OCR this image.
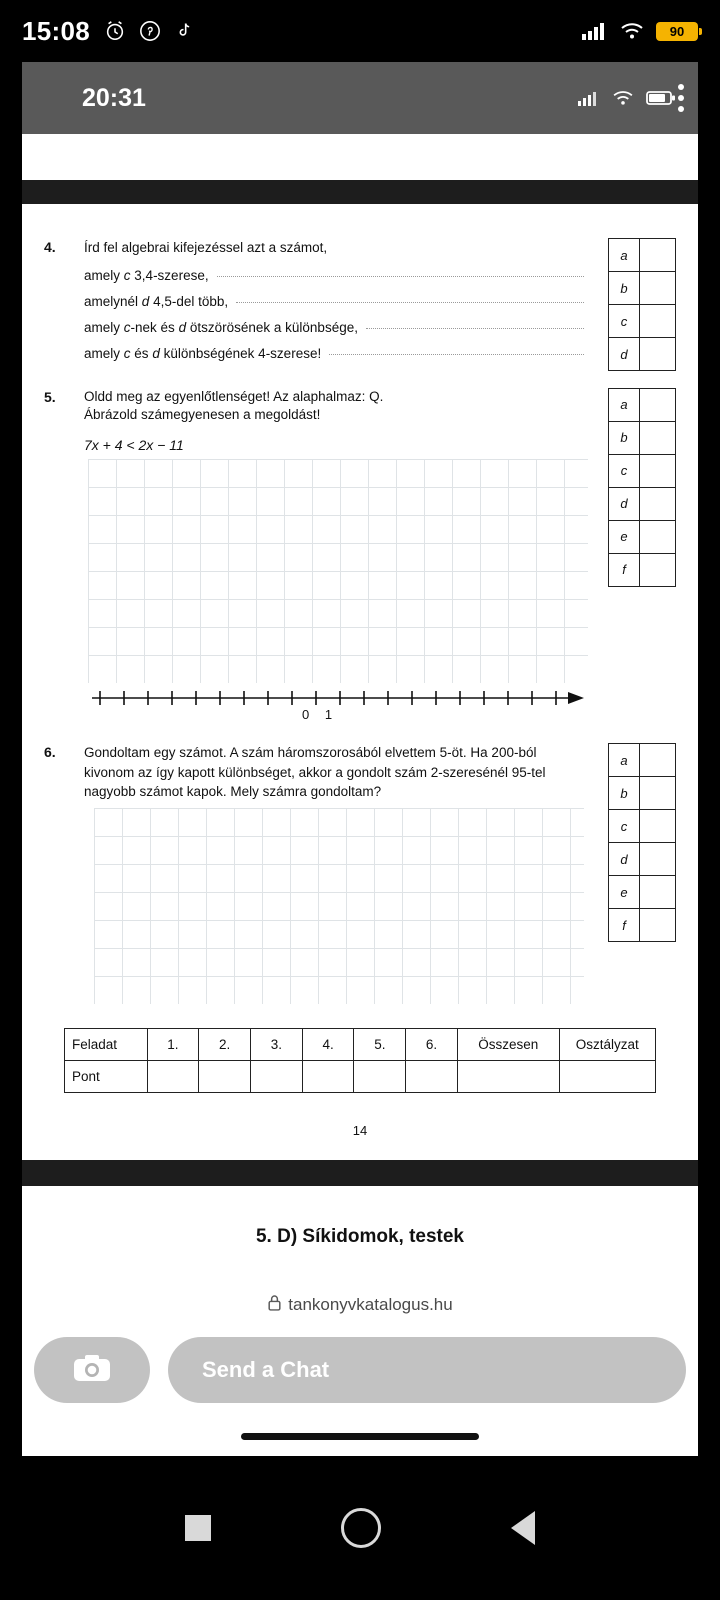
15:08	90
20:31
4.	Írd fel algebrai kifejezéssel azt a számot,
amely c 3,4-szerese,
amelynél d 4,5-del több,
amely c-nek és d ötszörösének a különbsége,
amely c és d különbségének 4-szerese!
a
b
c
d
5.	Oldd meg az egyenlőtlenséget! Az alaphalmaz: Q.
Ábrázold számegyenesen a megoldást!
7x + 4 < 2x − 11
a
b
c
d
e
f
0 1
6.	Gondoltam egy számot. A szám háromszorosából elvettem 5-öt. Ha 200-ból kivonom az így kapott különbséget, akkor a gondolt szám 2-szeresénél 95-tel nagyobb számot kapok. Mely számra gondoltam?
a
b
c
d
e
f
Feladat	1.	2.	3.	4.	5.	6.	Összesen	Osztályzat
Pont								
14
5. D) Síkidomok, testek
tankonyvkatalogus.hu
Send a Chat
